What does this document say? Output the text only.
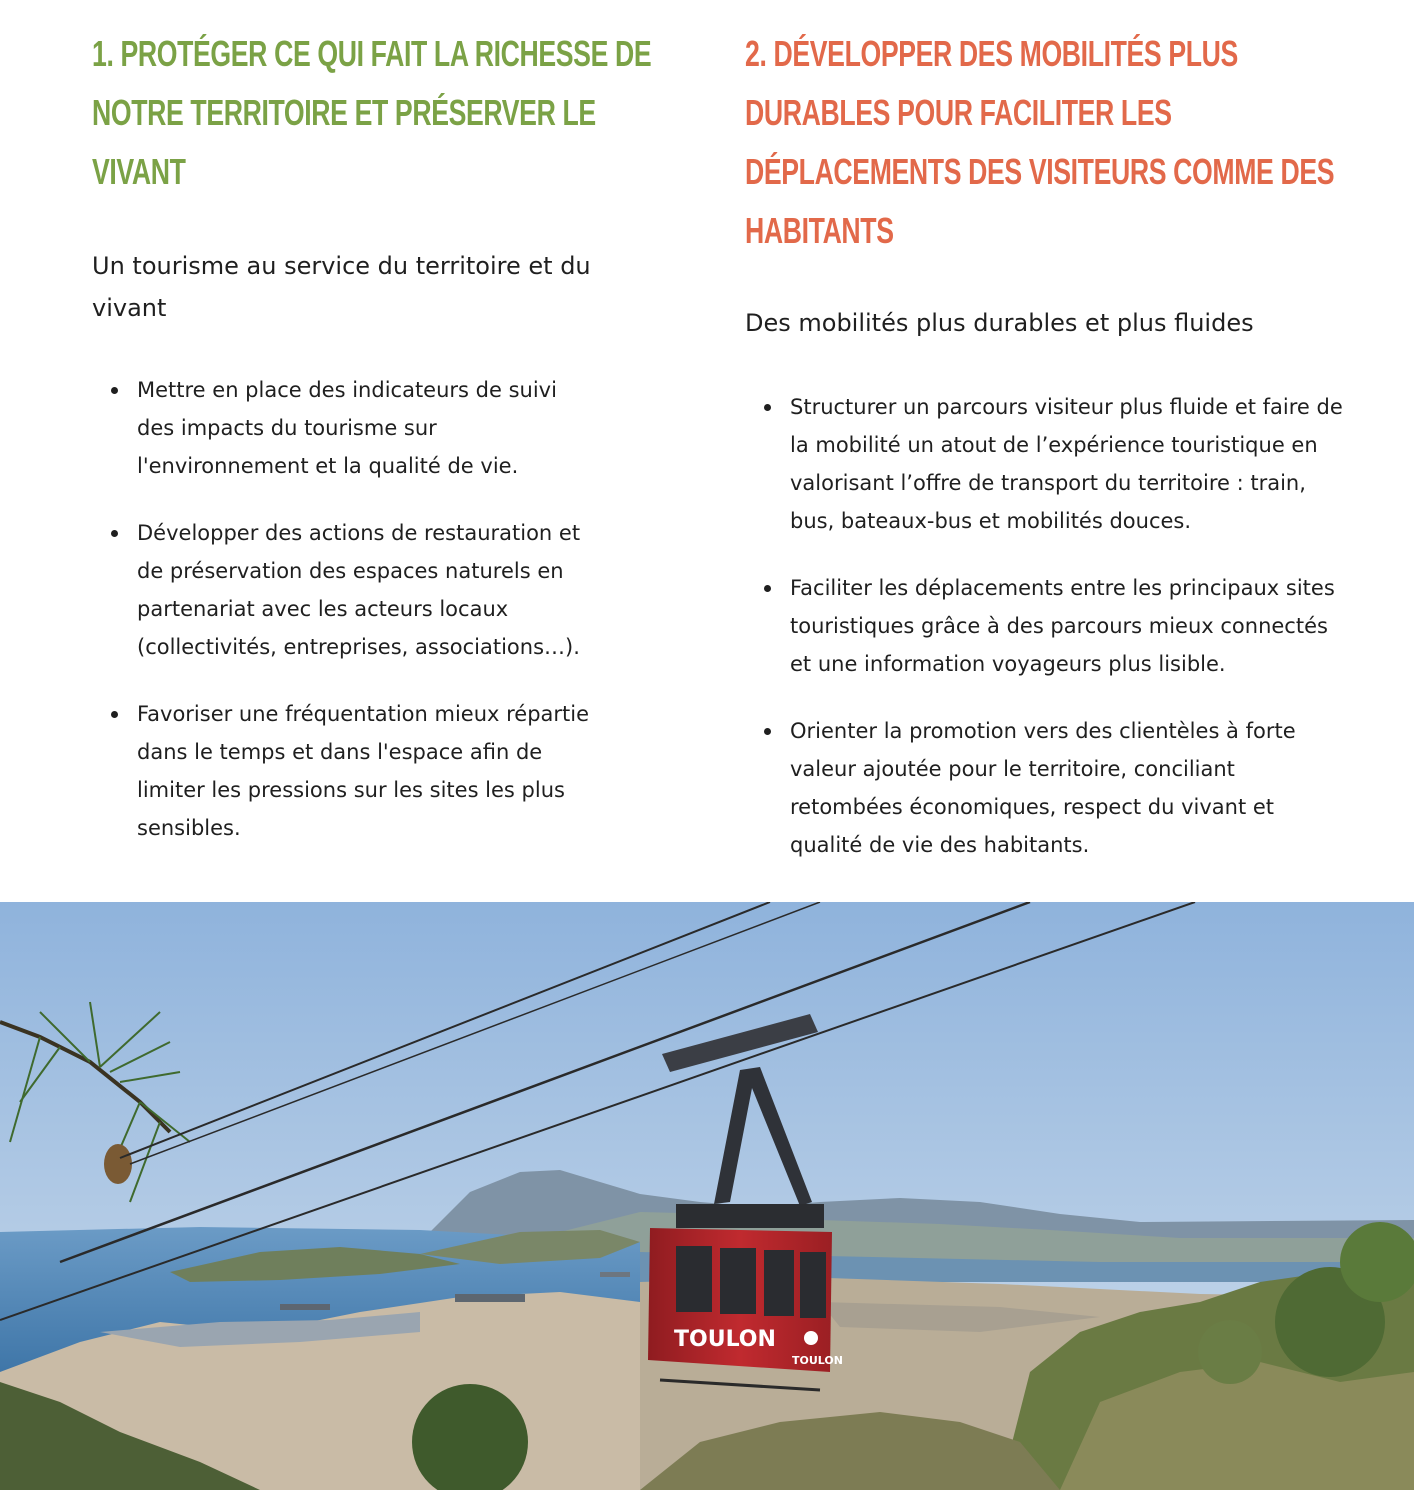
1. PROTÉGER CE QUI FAIT LA RICHESSE DE NOTRE TERRITOIRE ET PRÉSERVER LE VIVANT

Un tourisme au service du territoire et du vivant

Mettre en place des indicateurs de suivi des impacts du tourisme sur l'environnement et la qualité de vie.
Développer des actions de restauration et de préservation des espaces naturels en partenariat avec les acteurs locaux (collectivités, entreprises, associations…).
Favoriser une fréquentation mieux répartie dans le temps et dans l'espace afin de limiter les pressions sur les sites les plus sensibles.
2. DÉVELOPPER DES MOBILITÉS PLUS DURABLES POUR FACILITER LES DÉPLACEMENTS DES VISITEURS COMME DES HABITANTS

Des mobilités plus durables et plus fluides

Structurer un parcours visiteur plus fluide et faire de la mobilité un atout de l’expérience touristique en valorisant l’offre de transport du territoire : train, bus, bateaux-bus et mobilités douces.
Faciliter les déplacements entre les principaux sites touristiques grâce à des parcours mieux connectés et une information voyageurs plus lisible.
Orienter la promotion vers des clientèles à forte valeur ajoutée pour le territoire, conciliant retombées économiques, respect du vivant et qualité de vie des habitants.
TOULON
TOULON
